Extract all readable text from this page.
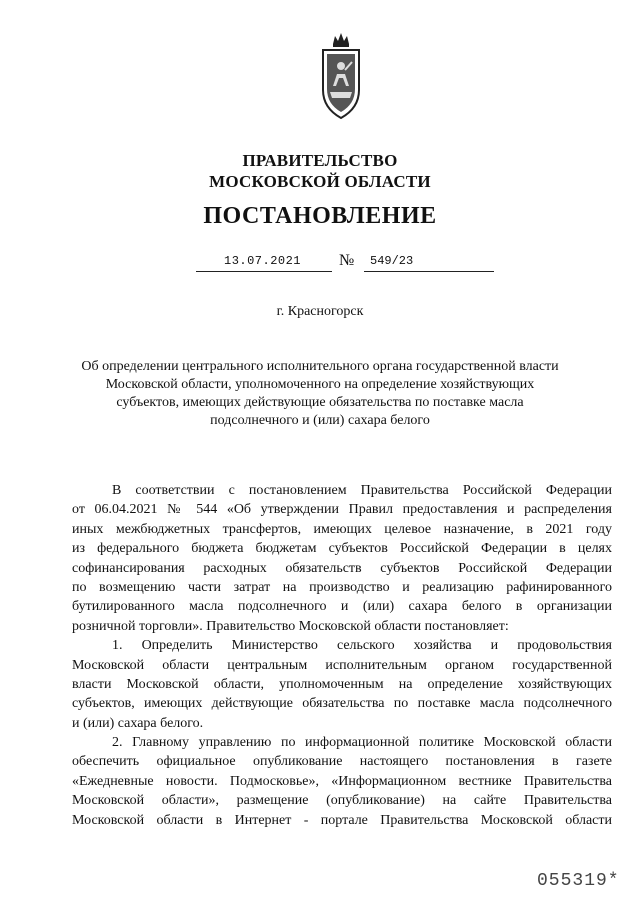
ПРАВИТЕЛЬСТВО
МОСКОВСКОЙ ОБЛАСТИ
ПОСТАНОВЛЕНИЕ
13.07.2021 № 549/23
г. Красногорск
Об определении центрального исполнительного органа государственной власти
Московской области, уполномоченного на определение хозяйствующих
субъектов, имеющих действующие обязательства по поставке масла
подсолнечного и (или) сахара белого
В соответствии с постановлением Правительства Российской Федерации
от 06.04.2021 № 544 «Об утверждении Правил предоставления и распределения
иных межбюджетных трансфертов, имеющих целевое назначение, в 2021 году
из федерального бюджета бюджетам субъектов Российской Федерации в целях
софинансирования расходных обязательств субъектов Российской Федерации
по возмещению части затрат на производство и реализацию рафинированного
бутилированного масла подсолнечного и (или) сахара белого в организации
розничной торговли». Правительство Московской области постановляет:
1. Определить Министерство сельского хозяйства и продовольствия
Московской области центральным исполнительным органом государственной
власти Московской области, уполномоченным на определение хозяйствующих
субъектов, имеющих действующие обязательства по поставке масла подсолнечного
и (или) сахара белого.
2. Главному управлению по информационной политике Московской области
обеспечить официальное опубликование настоящего постановления в газете
«Ежедневные новости. Подмосковье», «Информационном вестнике Правительства
Московской области», размещение (опубликование) на сайте Правительства
Московской области в Интернет - портале Правительства Московской области
055319*
